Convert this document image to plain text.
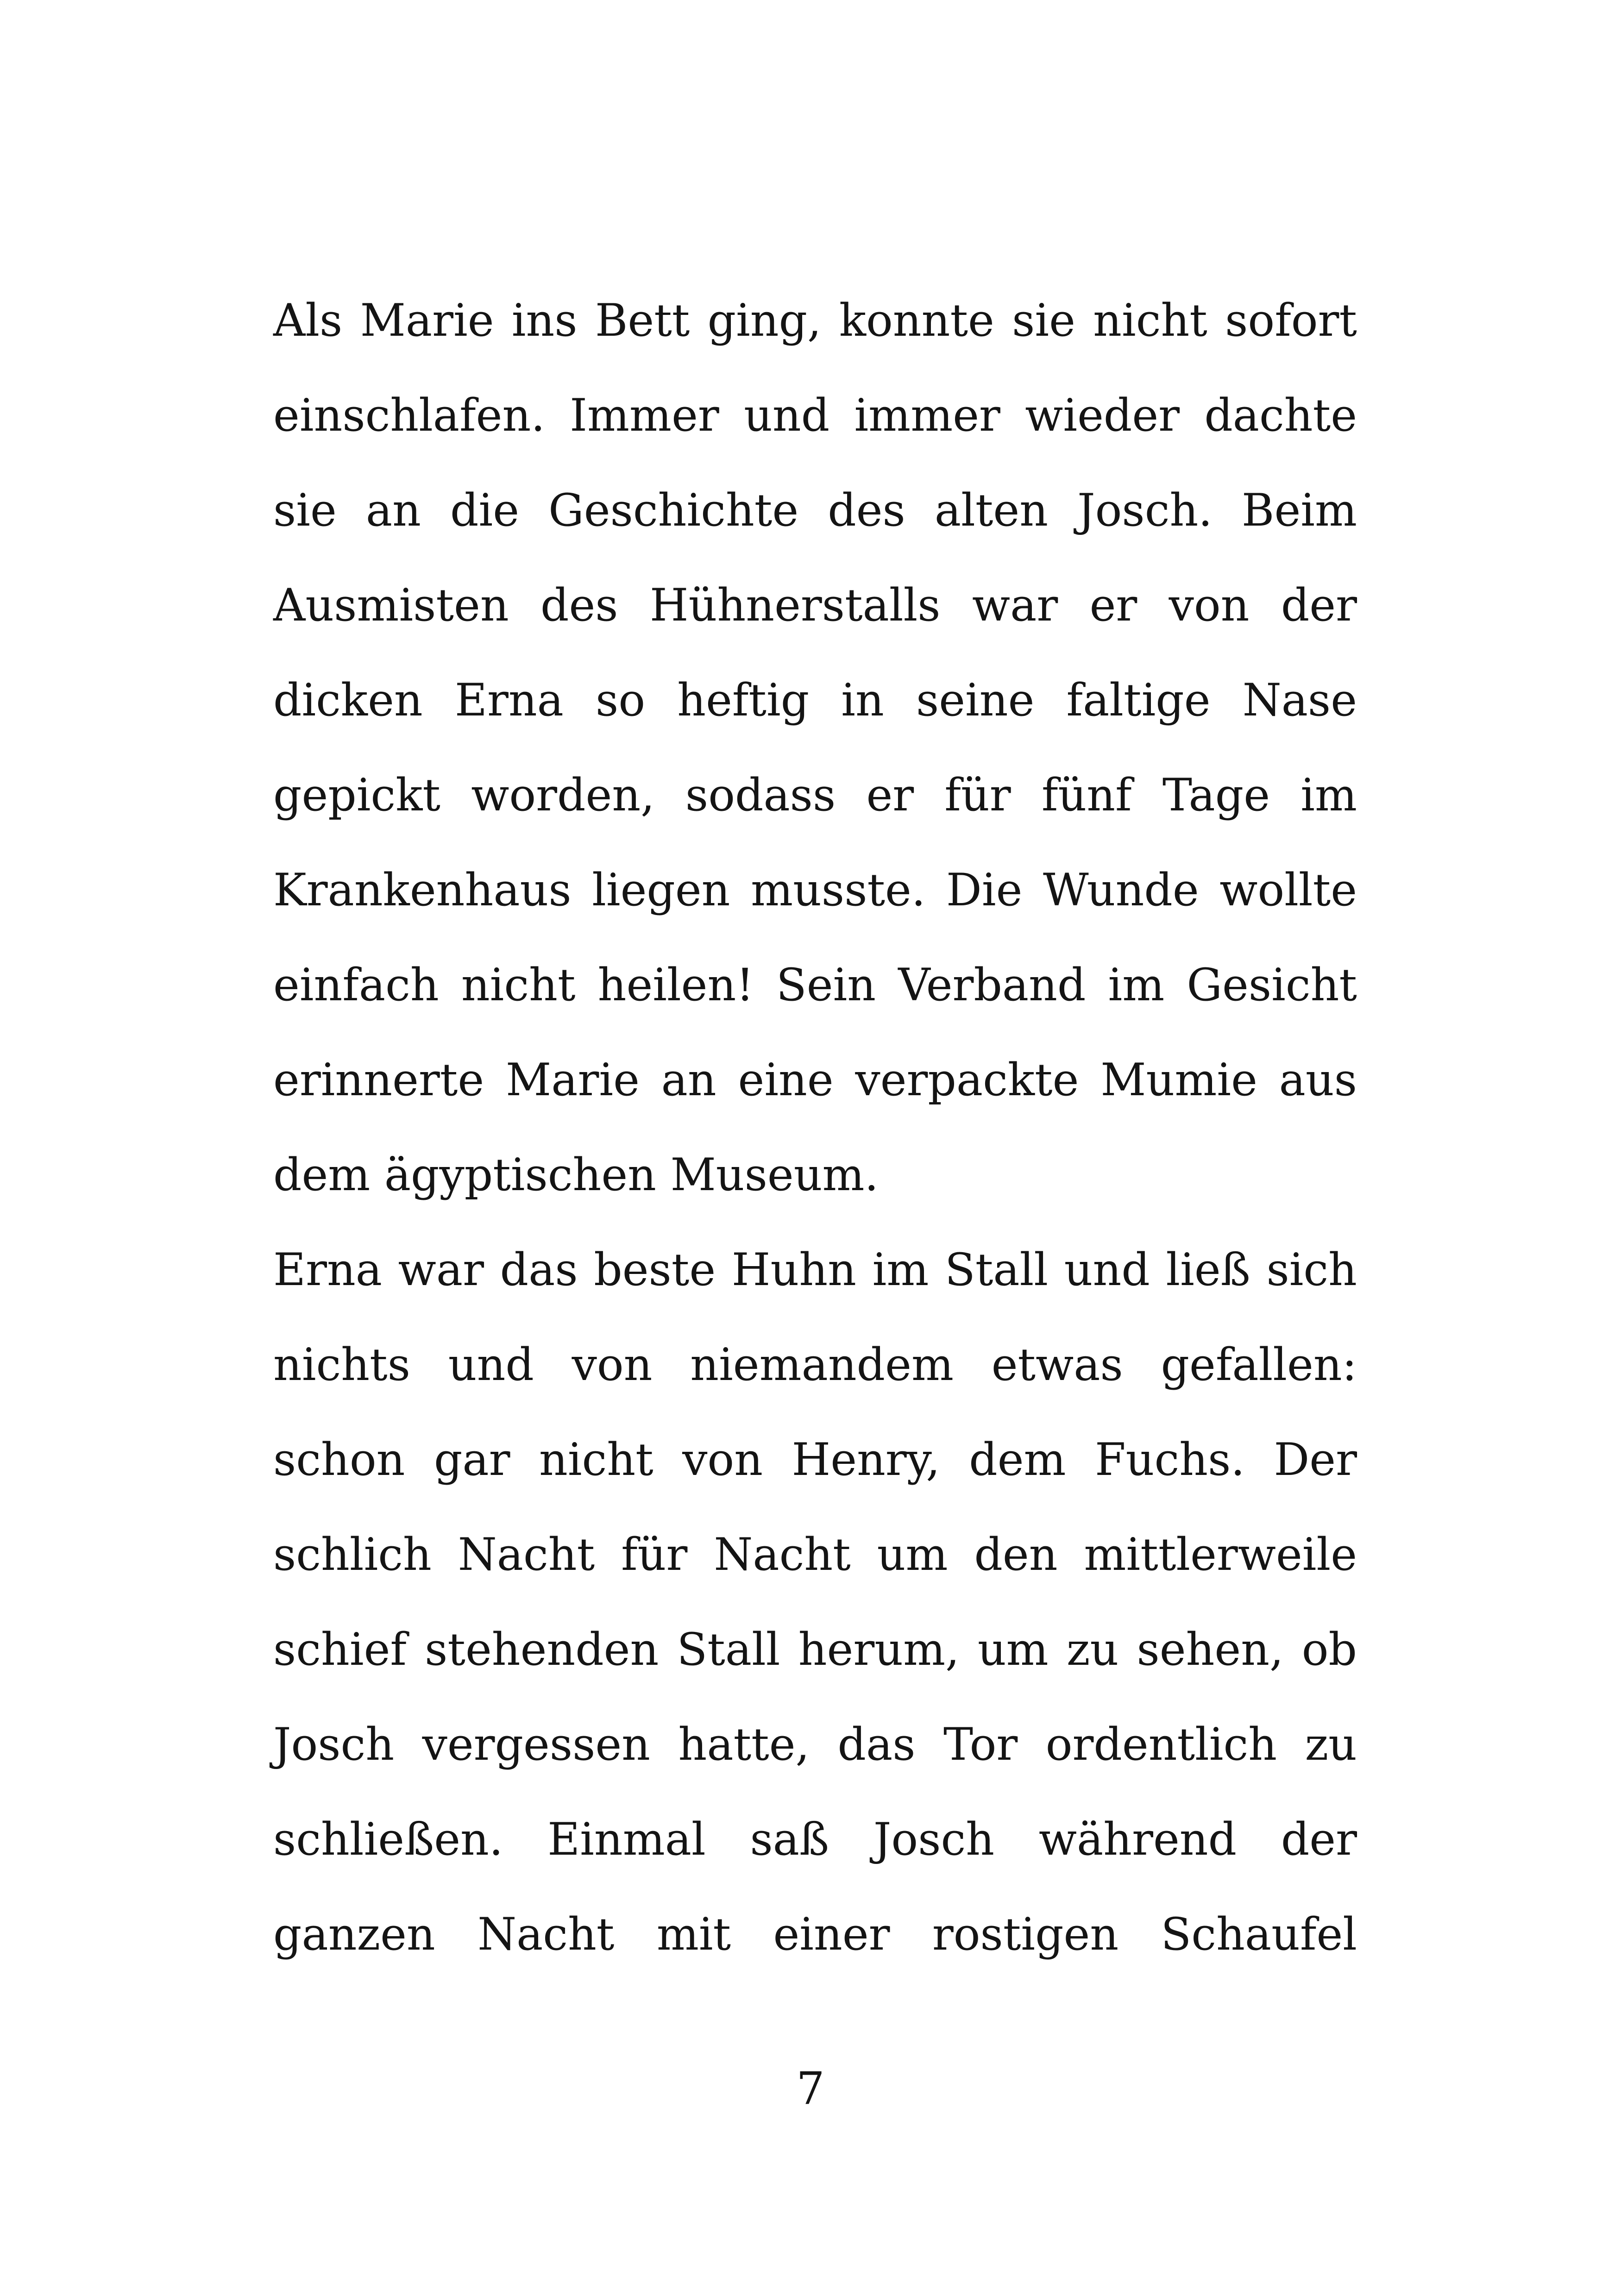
Als Marie ins Bett ging, konnte sie nicht sofort
einschlafen. Immer und immer wieder dachte
sie an die Geschichte des alten Josch. Beim
Ausmisten des Hühnerstalls war er von der
dicken Erna so heftig in seine faltige Nase
gepickt worden, sodass er für fünf Tage im
Krankenhaus liegen musste. Die Wunde wollte
einfach nicht heilen! Sein Verband im Gesicht
erinnerte Marie an eine verpackte Mumie aus
dem ägyptischen Museum.
Erna war das beste Huhn im Stall und ließ sich
nichts und von niemandem etwas gefallen:
schon gar nicht von Henry, dem Fuchs. Der
schlich Nacht für Nacht um den mittlerweile
schief stehenden Stall herum, um zu sehen, ob
Josch vergessen hatte, das Tor ordentlich zu
schließen. Einmal saß Josch während der
ganzen Nacht mit einer rostigen Schaufel
7
